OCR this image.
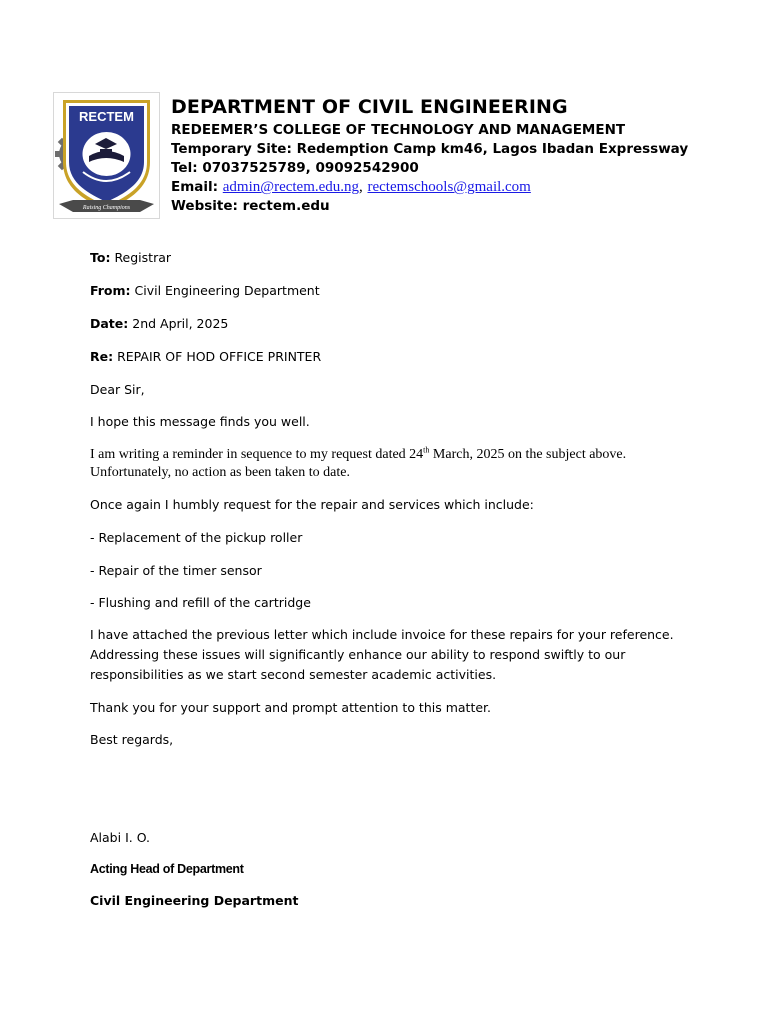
RECTEM
Raising Champions
DEPARTMENT OF CIVIL ENGINEERING
REDEEMER’S COLLEGE OF TECHNOLOGY AND MANAGEMENT
Temporary Site: Redemption Camp km46, Lagos Ibadan Expressway
Tel: 07037525789, 09092542900
Email: admin@rectem.edu.ng, rectemschools@gmail.com
Website: rectem.edu

To: Registrar

From: Civil Engineering Department

Date: 2nd April, 2025

Re: REPAIR OF HOD OFFICE PRINTER

Dear Sir,

I hope this message finds you well.

I am writing a reminder in sequence to my request dated 24th March, 2025 on the subject above.
Unfortunately, no action as been taken to date.

Once again I humbly request for the repair and services which include:

- Replacement of the pickup roller

- Repair of the timer sensor

- Flushing and refill of the cartridge

I have attached the previous letter which include invoice for these repairs for your reference. Addressing these issues will significantly enhance our ability to respond swiftly to our responsibilities as we start second semester academic activities.

Thank you for your support and prompt attention to this matter.

Best regards,

Alabi I. O.

Acting Head of Department

Civil Engineering Department
